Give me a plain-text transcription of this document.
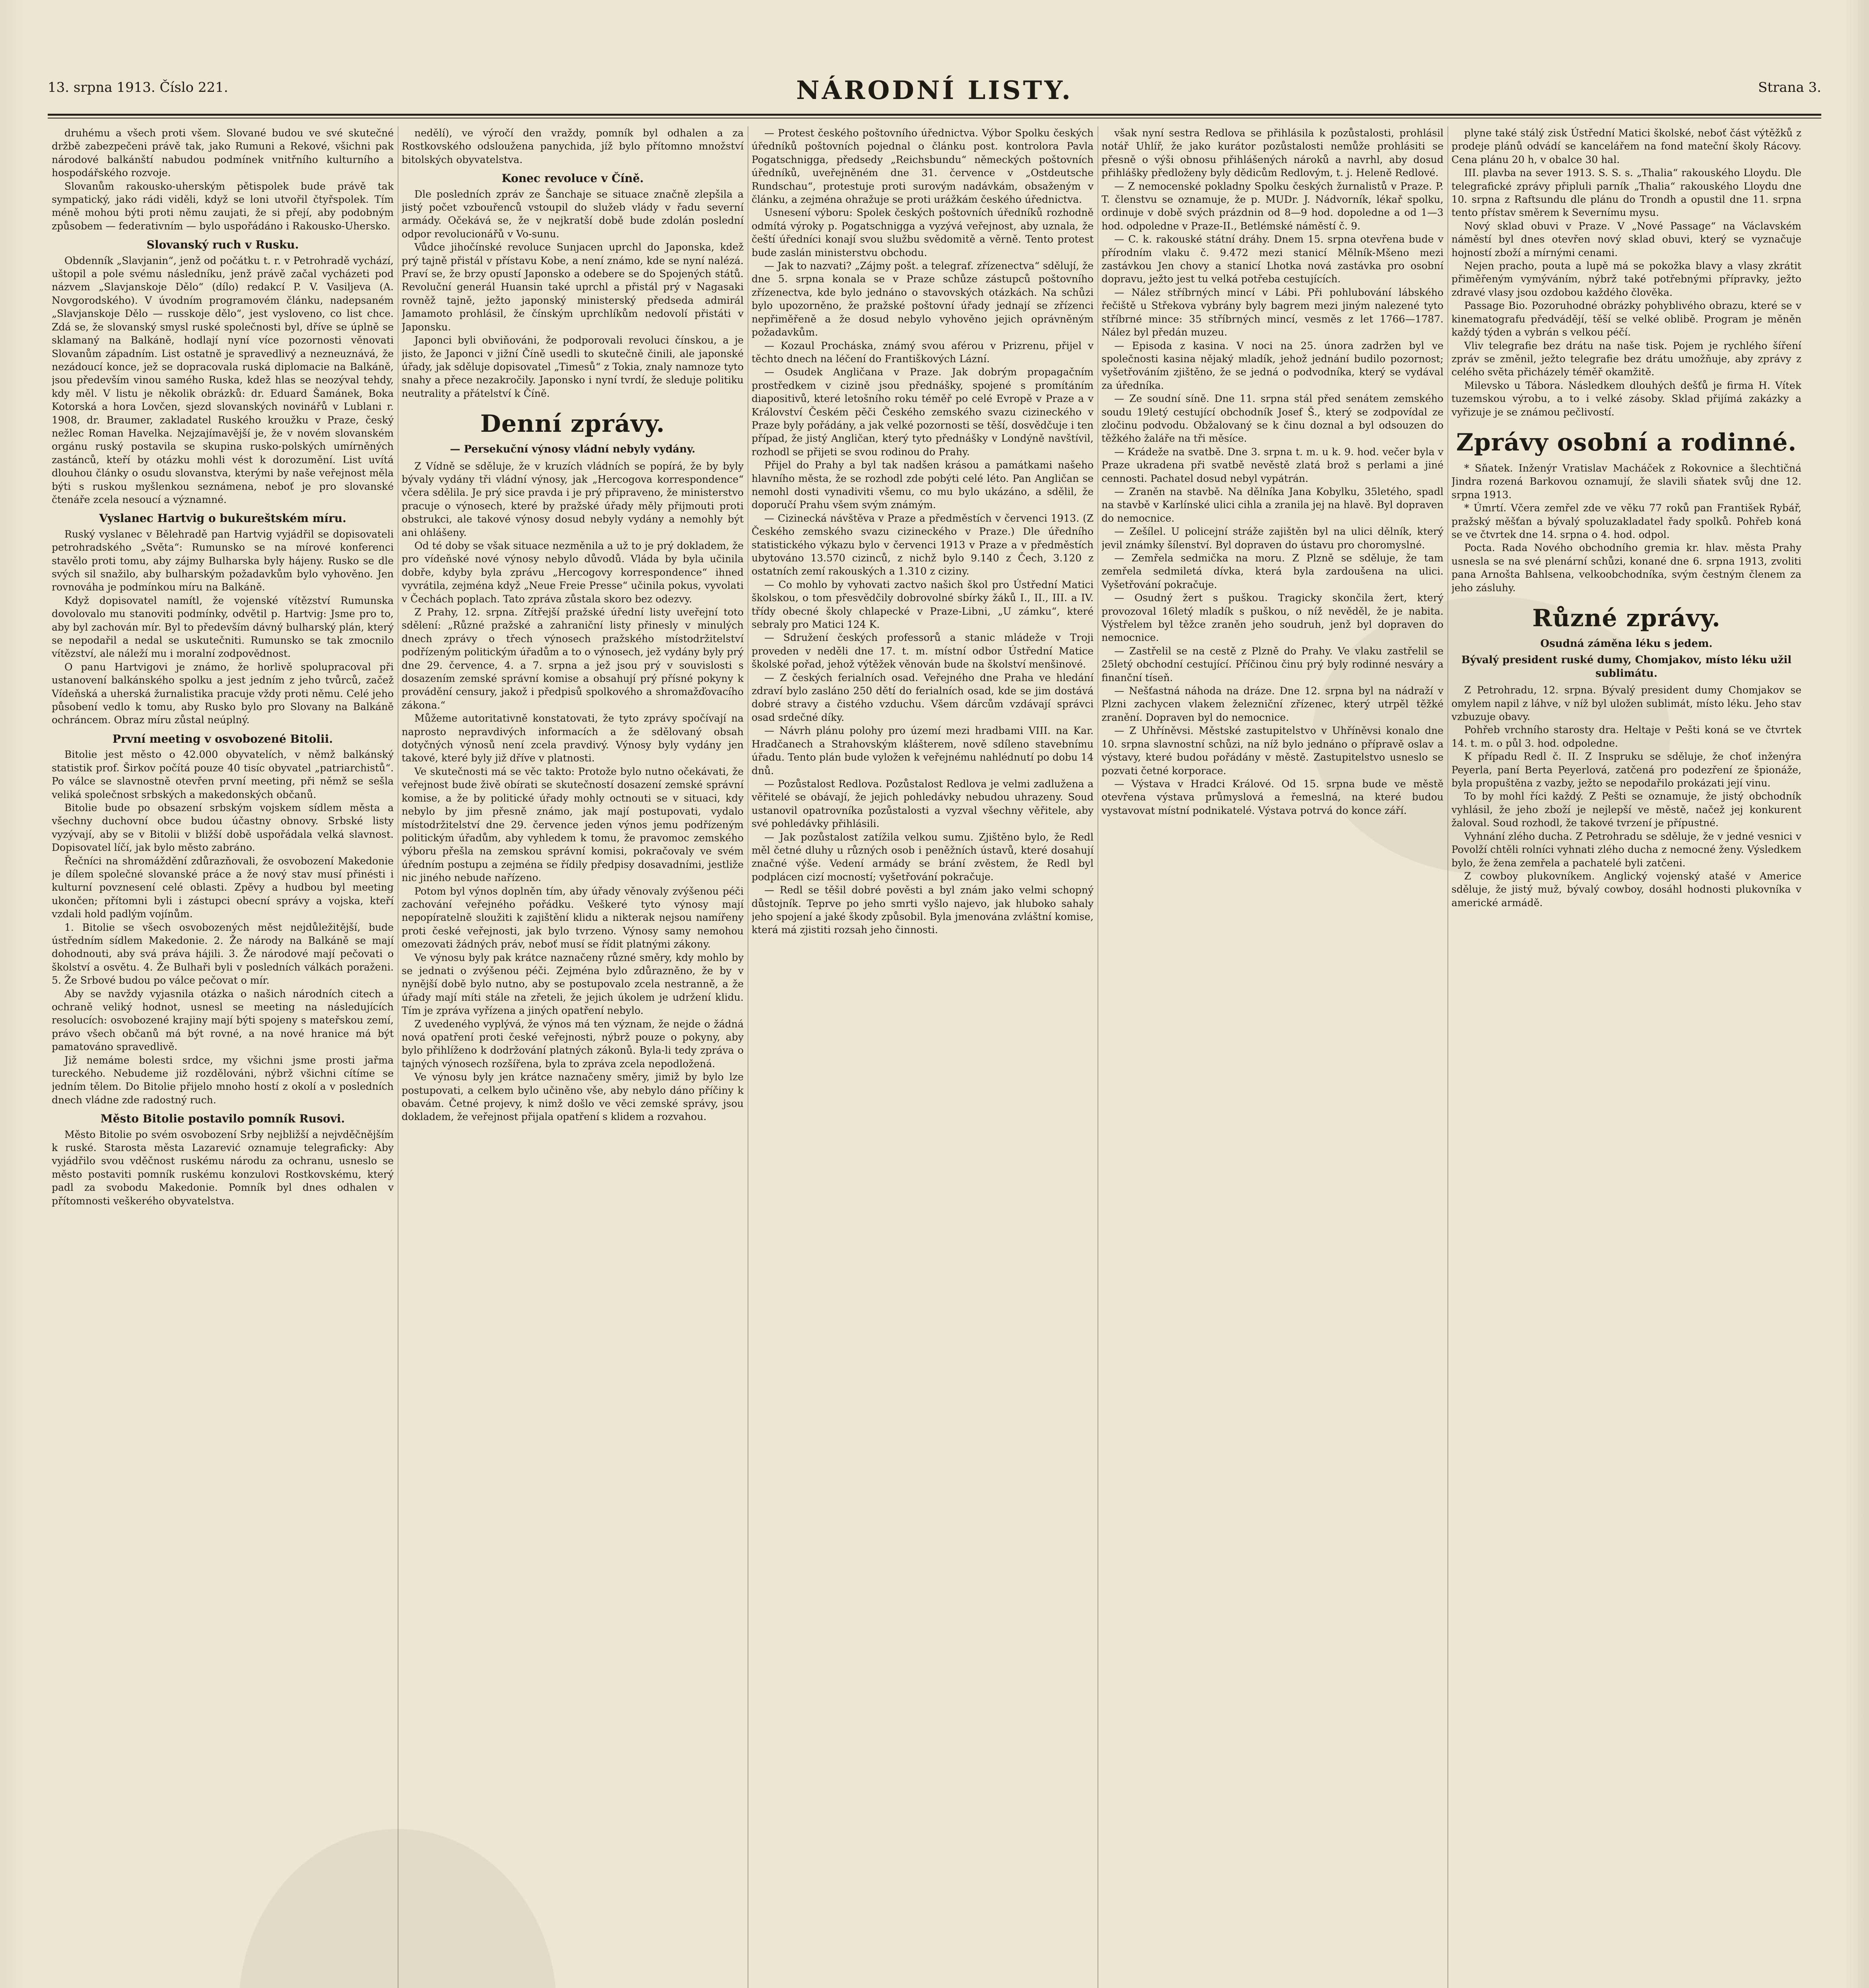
13. srpna 1913. Číslo 221.	NÁRODNÍ LISTY.	Strana 3.

druhému a všech proti všem. Slované budou ve své skutečné držbě zabezpečeni právě tak, jako Rumuni a Rekové, všichni pak národové balkánští nabudou podmínek vnitřního kulturního a hospodářského rozvoje.

Slovanům rakousko-uherským pětispolek bude právě tak sympatický, jako rádi viděli, když se loni utvořil čtyřspolek. Tím méně mohou býti proti němu zaujati, že si přejí, aby podobným způsobem — federativním — bylo uspořádáno i Rakousko-Uhersko.

Slovanský ruch v Rusku.

Obdenník „Slavjanin“, jenž od počátku t. r. v Petrohradě vychází, uštopil a pole svému následníku, jenž právě začal vycházeti pod názvem „Slavjanskoje Dělo“ (dílo) redakcí P. V. Vasiljeva (A. Novgorodského). V úvodním programovém článku, nadepsaném „Slavjanskoje Dělo — russkoje dělo“, jest vysloveno, co list chce. Zdá se, že slovanský smysl ruské společnosti byl, dříve se úplně se sklamaný na Balkáně, hodlají nyní více pozornosti věnovati Slovanům západním. List ostatně je spravedlivý a nezneuznává, že nezádoucí konce, jež se dopracovala ruská diplomacie na Balkáně, jsou především vinou samého Ruska, kdež hlas se neozýval tehdy, kdy měl. V listu je několik obrázků: dr. Eduard Šamánek, Boka Kotorská a hora Lovčen, sjezd slovanských novinářů v Lublani r. 1908, dr. Braumer, zakladatel Ruského kroužku v Praze, český nežlec Roman Havelka. Nejzajímavější je, že v novém slovanském orgánu ruský postavila se skupina rusko-polských umírněných zastánců, kteří by otázku mohli vést k dorozumění. List uvítá dlouhou články o osudu slovanstva, kterými by naše veřejnost měla býti s ruskou myšlenkou seznámena, neboť je pro slovanské čtenáře zcela nesoucí a významné.

Vyslanec Hartvig o bukureštském míru.

Ruský vyslanec v Bělehradě pan Hartvig vyjádřil se dopisovateli petrohradského „Světa“: Rumunsko se na mírové konferenci stavělo proti tomu, aby zájmy Bulharska byly hájeny. Rusko se dle svých sil snažilo, aby bulharským požadavkům bylo vyhověno. Jen rovnováha je podmínkou míru na Balkáně.

Když dopisovatel namítl, že vojenské vítězství Rumunska dovolovalo mu stanoviti podmínky, odvětil p. Hartvig: Jsme pro to, aby byl zachován mír. Byl to především dávný bulharský plán, který se nepodařil a nedal se uskutečniti. Rumunsko se tak zmocnilo vítězství, ale náleží mu i moralní zodpovědnost.

O panu Hartvigovi je známo, že horlivě spolupracoval při ustanovení balkánského spolku a jest jedním z jeho tvůrců, začež Vídeňská a uherská žurnalistika pracuje vždy proti němu. Celé jeho působení vedlo k tomu, aby Rusko bylo pro Slovany na Balkáně ochráncem. Obraz míru zůstal neúplný.

První meeting v osvobozené Bitolii.

Bitolie jest město o 42.000 obyvatelích, v němž balkánský statistik prof. Širkov počítá pouze 40 tisíc obyvatel „patriarchistů“. Po válce se slavnostně otevřen první meeting, při němž se sešla veliká společnost srbských a makedonských občanů.

Bitolie bude po obsazení srbským vojskem sídlem města a všechny duchovní obce budou účastny obnovy. Srbské listy vyzývají, aby se v Bitolii v bližší době uspořádala velká slavnost. Dopisovatel líčí, jak bylo město zabráno.

Řečníci na shromáždění zdůrazňovali, že osvobození Makedonie je dílem společné slovanské práce a že nový stav musí přinésti i kulturní povznesení celé oblasti. Zpěvy a hudbou byl meeting ukončen; přítomni byli i zástupci obecní správy a vojska, kteří vzdali hold padlým vojínům.

1. Bitolie se všech osvobozených měst nejdůležitější, bude ústředním sídlem Makedonie. 2. Že národy na Balkáně se mají dohodnouti, aby svá práva hájili. 3. Že národové mají pečovati o školství a osvětu. 4. Že Bulhaři byli v posledních válkách poraženi. 5. Že Srbové budou po válce pečovat o mír.

Aby se navždy vyjasnila otázka o našich národních citech a ochraně veliký hodnot, usnesl se meeting na následujících resolucích: osvobozené krajiny mají býti spojeny s mateřskou zemí, právo všech občanů má být rovné, a na nové hranice má být pamatováno spravedlivě.

Již nemáme bolesti srdce, my všichni jsme prosti jařma tureckého. Nebudeme již rozdělováni, nýbrž všichni cítíme se jedním tělem. Do Bitolie přijelo mnoho hostí z okolí a v posledních dnech vládne zde radostný ruch.

Město Bitolie postavilo pomník Rusovi.

Město Bitolie po svém osvobození Srby nejbližší a nejvděčnějším k ruské. Starosta města Lazarević oznamuje telegraficky: Aby vyjádřilo svou vděčnost ruskému národu za ochranu, usneslo se město postaviti pomník ruskému konzulovi Rostkovskému, který padl za svobodu Makedonie. Pomník byl dnes odhalen v přítomnosti veškerého obyvatelstva.

nedělí), ve výročí den vraždy, pomník byl odhalen a za Rostkovského odsloužena panychida, jíž bylo přítomno množství bitolských obyvatelstva.

Konec revoluce v Číně.

Dle posledních zpráv ze Šanchaje se situace značně zlepšila a jistý počet vzbouřenců vstoupil do služeb vlády v řadu severní armády. Očekává se, že v nejkratší době bude zdolán poslední odpor revolucionářů v Vo-sunu.

Vůdce jihočínské revoluce Sunjacen uprchl do Japonska, kdež prý tajně přistál v přístavu Kobe, a není známo, kde se nyní nalézá. Praví se, že brzy opustí Japonsko a odebere se do Spojených států. Revoluční generál Huansin také uprchl a přistál prý v Nagasaki rovněž tajně, ježto japonský ministerský předseda admirál Jamamoto prohlásil, že čínským uprchlíkům nedovolí přistáti v Japonsku.

Japonci byli obviňováni, že podporovali revoluci čínskou, a je jisto, že Japonci v jižní Číně usedli to skutečně činili, ale japonské úřady, jak sděluje dopisovatel „Timesů“ z Tokia, znaly namnoze tyto snahy a přece nezakročily. Japonsko i nyní tvrdí, že sleduje politiku neutrality a přátelství k Číně.

Denní zprávy.

— Persekuční výnosy vládní nebyly vydány.

Z Vídně se sděluje, že v kruzích vládních se popírá, že by byly bývaly vydány tři vládní výnosy, jak „Hercogova korrespondence“ včera sdělila. Je prý sice pravda i je prý připraveno, že ministerstvo pracuje o výnosech, které by pražské úřady měly přijmouti proti obstrukci, ale takové výnosy dosud nebyly vydány a nemohly být ani ohlášeny.

Od té doby se však situace nezměnila a už to je prý dokladem, že pro vídeňské nové výnosy nebylo důvodů. Vláda by byla učinila dobře, kdyby byla zprávu „Hercogovy korrespondence“ ihned vyvrátila, zejména když „Neue Freie Presse“ učinila pokus, vyvolati v Čechách poplach. Tato zpráva zůstala skoro bez odezvy.

Z Prahy, 12. srpna. Zítřejší pražské úřední listy uveřejní toto sdělení: „Různé pražské a zahraniční listy přinesly v minulých dnech zprávy o třech výnosech pražského místodržitelství podřízeným politickým úřadům a to o výnosech, jež vydány byly prý dne 29. července, 4. a 7. srpna a jež jsou prý v souvislosti s dosazením zemské správní komise a obsahují prý přísné pokyny k provádění censury, jakož i předpisů spolkového a shromažďovacího zákona.“

Můžeme autoritativně konstatovati, že tyto zprávy spočívají na naprosto nepravdivých informacích a že sdělovaný obsah dotyčných výnosů není zcela pravdivý. Výnosy byly vydány jen takové, které byly již dříve v platnosti.

Ve skutečnosti má se věc takto: Protože bylo nutno očekávati, že veřejnost bude živě obírati se skutečností dosazení zemské správní komise, a že by politické úřady mohly octnouti se v situaci, kdy nebylo by jim přesně známo, jak mají postupovati, vydalo místodržitelství dne 29. července jeden výnos jemu podřízeným politickým úřadům, aby vyhledem k tomu, že pravomoc zemského výboru přešla na zemskou správní komisi, pokračovaly ve svém úředním postupu a zejména se řídily předpisy dosavadními, jestliže nic jiného nebude nařízeno.

Potom byl výnos doplněn tím, aby úřady věnovaly zvýšenou péči zachování veřejného pořádku. Veškeré tyto výnosy mají nepopíratelně sloužiti k zajištění klidu a nikterak nejsou namířeny proti české veřejnosti, jak bylo tvrzeno. Výnosy samy nemohou omezovati žádných práv, neboť musí se řídit platnými zákony.

Ve výnosu byly pak krátce naznačeny různé směry, kdy mohlo by se jednati o zvýšenou péči. Zejména bylo zdůrazněno, že by v nynější době bylo nutno, aby se postupovalo zcela nestranně, a že úřady mají míti stále na zřeteli, že jejich úkolem je udržení klidu. Tím je zpráva vyřízena a jiných opatření nebylo.

Z uvedeného vyplývá, že výnos má ten význam, že nejde o žádná nová opatření proti české veřejnosti, nýbrž pouze o pokyny, aby bylo přihlíženo k dodržování platných zákonů. Byla-li tedy zpráva o tajných výnosech rozšířena, byla to zpráva zcela nepodložená.

Ve výnosu byly jen krátce naznačeny směry, jimiž by bylo lze postupovati, a celkem bylo učiněno vše, aby nebylo dáno příčiny k obavám. Četné projevy, k nimž došlo ve věci zemské správy, jsou dokladem, že veřejnost přijala opatření s klidem a rozvahou.

— Protest českého poštovního úřednictva. Výbor Spolku českých úředníků poštovních pojednal o článku post. kontrolora Pavla Pogatschnigga, předsedy „Reichsbundu“ německých poštovních úředníků, uveřejněném dne 31. července v „Ostdeutsche Rundschau“, protestuje proti surovým nadávkám, obsaženým v článku, a zejména ohražuje se proti urážkám českého úřednictva.

Usnesení výboru: Spolek českých poštovních úředníků rozhodně odmítá výroky p. Pogatschnigga a vyzývá veřejnost, aby uznala, že čeští úředníci konají svou službu svědomitě a věrně. Tento protest bude zaslán ministerstvu obchodu.

— Jak to nazvati? „Zájmy pošt. a telegraf. zřízenectva“ sdělují, že dne 5. srpna konala se v Praze schůze zástupců poštovního zřízenectva, kde bylo jednáno o stavovských otázkách. Na schůzi bylo upozorněno, že pražské poštovní úřady jednají se zřízenci nepřiměřeně a že dosud nebylo vyhověno jejich oprávněným požadavkům.

— Kozaul Procháska, známý svou aférou v Prizrenu, přijel v těchto dnech na léčení do Františkových Lázní.

— Osudek Angličana v Praze. Jak dobrým propagačním prostředkem v cizině jsou přednášky, spojené s promítáním diapositivů, které letošního roku téměř po celé Evropě v Praze a v Království Českém pěči Českého zemského svazu cizineckého v Praze byly pořádány, a jak velké pozornosti se těší, dosvědčuje i ten případ, že jistý Angličan, který tyto přednášky v Londýně navštívil, rozhodl se přijeti se svou rodinou do Prahy.

Přijel do Prahy a byl tak nadšen krásou a památkami našeho hlavního města, že se rozhodl zde pobýti celé léto. Pan Angličan se nemohl dosti vynadiviti všemu, co mu bylo ukázáno, a sdělil, že doporučí Prahu všem svým známým.

— Cizinecká návštěva v Praze a předměstích v červenci 1913. (Z Českého zemského svazu cizineckého v Praze.) Dle úředního statistického výkazu bylo v červenci 1913 v Praze a v předměstích ubytováno 13.570 cizinců, z nichž bylo 9.140 z Čech, 3.120 z ostatních zemí rakouských a 1.310 z ciziny.

— Co mohlo by vyhovati zactvo našich škol pro Ústřední Matici školskou, o tom přesvědčily dobrovolné sbírky žáků I., II., III. a IV. třídy obecné školy chlapecké v Praze-Libni, „U zámku“, které sebraly pro Matici 124 K.

— Sdružení českých professorů a stanic mládeže v Troji proveden v neděli dne 17. t. m. místní odbor Ústřední Matice školské pořad, jehož výtěžek věnován bude na školství menšinové.

— Z českých ferialních osad. Veřejného dne Praha ve hledání zdraví bylo zasláno 250 dětí do ferialních osad, kde se jim dostává dobré stravy a čistého vzduchu. Všem dárcům vzdávají správci osad srdečné díky.

— Návrh plánu polohy pro území mezi hradbami VIII. na Kar. Hradčanech a Strahovským klášterem, nově sdíleno stavebnímu úřadu. Tento plán bude vyložen k veřejnému nahlédnutí po dobu 14 dnů.

— Pozůstalost Redlova. Pozůstalost Redlova je velmi zadlužena a věřitelé se obávají, že jejich pohledávky nebudou uhrazeny. Soud ustanovil opatrovníka pozůstalosti a vyzval všechny věřitele, aby své pohledávky přihlásili.

— Jak pozůstalost zatížila velkou sumu. Zjištěno bylo, že Redl měl četné dluhy u různých osob i peněžních ústavů, které dosahují značné výše. Vedení armády se brání zvěstem, že Redl byl podplácen cizí mocností; vyšetřování pokračuje.

— Redl se těšil dobré pověsti a byl znám jako velmi schopný důstojník. Teprve po jeho smrti vyšlo najevo, jak hluboko sahaly jeho spojení a jaké škody způsobil. Byla jmenována zvláštní komise, která má zjistiti rozsah jeho činnosti.

však nyní sestra Redlova se přihlásila k pozůstalosti, prohlásil notář Uhlíř, že jako kurátor pozůstalosti nemůže prohlásiti se přesně o výši obnosu přihlášených nároků a navrhl, aby dosud přihlášky předloženy byly dědicům Redlovým, t. j. Heleně Redlové.

— Z nemocenské pokladny Spolku českých žurnalistů v Praze. P. T. členstvu se oznamuje, že p. MUDr. J. Nádvorník, lékař spolku, ordinuje v době svých prázdnin od 8—9 hod. dopoledne a od 1—3 hod. odpoledne v Praze-II., Betlémské náměstí č. 9.

— C. k. rakouské státní dráhy. Dnem 15. srpna otevřena bude v přírodním vlaku č. 9.472 mezi stanicí Mělník-Mšeno mezi zastávkou Jen chovy a stanicí Lhotka nová zastávka pro osobní dopravu, ježto jest tu velká potřeba cestujících.

— Nález stříbrných mincí v Lábi. Při pohlubování lábského řečiště u Střekova vybrány byly bagrem mezi jiným nalezené tyto stříbrné mince: 35 stříbrných mincí, vesměs z let 1766—1787. Nález byl předán muzeu.

— Episoda z kasina. V noci na 25. února zadržen byl ve společnosti kasina nějaký mladík, jehož jednání budilo pozornost; vyšetřováním zjištěno, že se jedná o podvodníka, který se vydával za úředníka.

— Ze soudní síně. Dne 11. srpna stál před senátem zemského soudu 19letý cestující obchodník Josef Š., který se zodpovídal ze zločinu podvodu. Obžalovaný se k činu doznal a byl odsouzen do těžkého žaláře na tři měsíce.

— Krádeže na svatbě. Dne 3. srpna t. m. u k. 9. hod. večer byla v Praze ukradena při svatbě nevěstě zlatá brož s perlami a jiné cennosti. Pachatel dosud nebyl vypátrán.

— Zraněn na stavbě. Na dělníka Jana Kobylku, 35letého, spadl na stavbě v Karlínské ulici cihla a zranila jej na hlavě. Byl dopraven do nemocnice.

— Zešílel. U policejní stráže zajištěn byl na ulici dělník, který jevil známky šílenství. Byl dopraven do ústavu pro choromyslné.

— Zemřela sedmička na moru. Z Plzně se sděluje, že tam zemřela sedmiletá dívka, která byla zardoušena na ulici. Vyšetřování pokračuje.

— Osudný žert s puškou. Tragicky skončila žert, který provozoval 16letý mladík s puškou, o níž nevěděl, že je nabita. Výstřelem byl těžce zraněn jeho soudruh, jenž byl dopraven do nemocnice.

— Zastřelil se na cestě z Plzně do Prahy. Ve vlaku zastřelil se 25letý obchodní cestující. Příčinou činu prý byly rodinné nesváry a finanční tíseň.

— Nešťastná náhoda na dráze. Dne 12. srpna byl na nádraží v Plzni zachycen vlakem železniční zřízenec, který utrpěl těžké zranění. Dopraven byl do nemocnice.

— Z Uhříněvsi. Městské zastupitelstvo v Uhříněvsi konalo dne 10. srpna slavnostní schůzi, na níž bylo jednáno o přípravě oslav a výstavy, které budou pořádány v městě. Zastupitelstvo usneslo se pozvati četné korporace.

— Výstava v Hradci Králové. Od 15. srpna bude ve městě otevřena výstava průmyslová a řemeslná, na které budou vystavovat místní podnikatelé. Výstava potrvá do konce září.

plyne také stálý zisk Ústřední Matici školské, neboť část výtěžků z prodeje plánů odvádí se kancelářem na fond mateční školy Rácovy. Cena plánu 20 h, v obalce 30 hal.

III. plavba na sever 1913. S. S. s. „Thalia“ rakouského Lloydu. Dle telegrafické zprávy připluli parník „Thalia“ rakouského Lloydu dne 10. srpna z Raftsundu dle plánu do Trondh a opustil dne 11. srpna tento přístav směrem k Severnímu mysu.

Nový sklad obuvi v Praze. V „Nové Passage“ na Václavském náměstí byl dnes otevřen nový sklad obuvi, který se vyznačuje hojností zboží a mírnými cenami.

Nejen pracho, pouta a lupě má se pokožka blavy a vlasy zkrátit přiměřeným vymýváním, nýbrž také potřebnými přípravky, ježto zdravé vlasy jsou ozdobou každého člověka.

Passage Bio. Pozoruhodné obrázky pohyblivého obrazu, které se v kinematografu předvádějí, těší se velké oblibě. Program je měněn každý týden a vybrán s velkou péčí.

Vliv telegrafie bez drátu na naše tisk. Pojem je rychlého šíření zpráv se změnil, ježto telegrafie bez drátu umožňuje, aby zprávy z celého světa přicházely téměř okamžitě.

Milevsko u Tábora. Následkem dlouhých dešťů je firma H. Vítek tuzemskou výrobu, a to i velké zásoby. Sklad přijímá zakázky a vyřizuje je se známou pečlivostí.

Zprávy osobní a rodinné.

* Sňatek. Inženýr Vratislav Macháček z Rokovnice a šlechtičná Jindra rozená Barkovou oznamují, že slavili sňatek svůj dne 12. srpna 1913.

* Úmrtí. Včera zemřel zde ve věku 77 roků pan František Rybář, pražský měšťan a bývalý spoluzakladatel řady spolků. Pohřeb koná se ve čtvrtek dne 14. srpna o 4. hod. odpol.

Pocta. Rada Nového obchodního gremia kr. hlav. města Prahy usnesla se na své plenární schůzi, konané dne 6. srpna 1913, zvoliti pana Arnošta Bahlsena, velkoobchodníka, svým čestným členem za jeho zásluhy.

Různé zprávy.

Osudná záměna léku s jedem.

Bývalý president ruské dumy, Chomjakov, místo léku užil sublimátu.

Z Petrohradu, 12. srpna. Bývalý president dumy Chomjakov se omylem napil z láhve, v níž byl uložen sublimát, místo léku. Jeho stav vzbuzuje obavy.

Pohřeb vrchního starosty dra. Heltaje v Pešti koná se ve čtvrtek 14. t. m. o půl 3. hod. odpoledne.

K případu Redl č. II. Z Inspruku se sděluje, že choť inženýra Peyerla, paní Berta Peyerlová, zatčená pro podezření ze špionáže, byla propuštěna z vazby, ježto se nepodařilo prokázati její vinu.

To by mohl říci každý. Z Pešti se oznamuje, že jistý obchodník vyhlásil, že jeho zboží je nejlepší ve městě, načež jej konkurent žaloval. Soud rozhodl, že takové tvrzení je přípustné.

Vyhnání zlého ducha. Z Petrohradu se sděluje, že v jedné vesnici v Povolží chtěli rolníci vyhnati zlého ducha z nemocné ženy. Výsledkem bylo, že žena zemřela a pachatelé byli zatčeni.

Z cowboy plukovníkem. Anglický vojenský atašé v Americe sděluje, že jistý muž, bývalý cowboy, dosáhl hodnosti plukovníka v americké armádě.
